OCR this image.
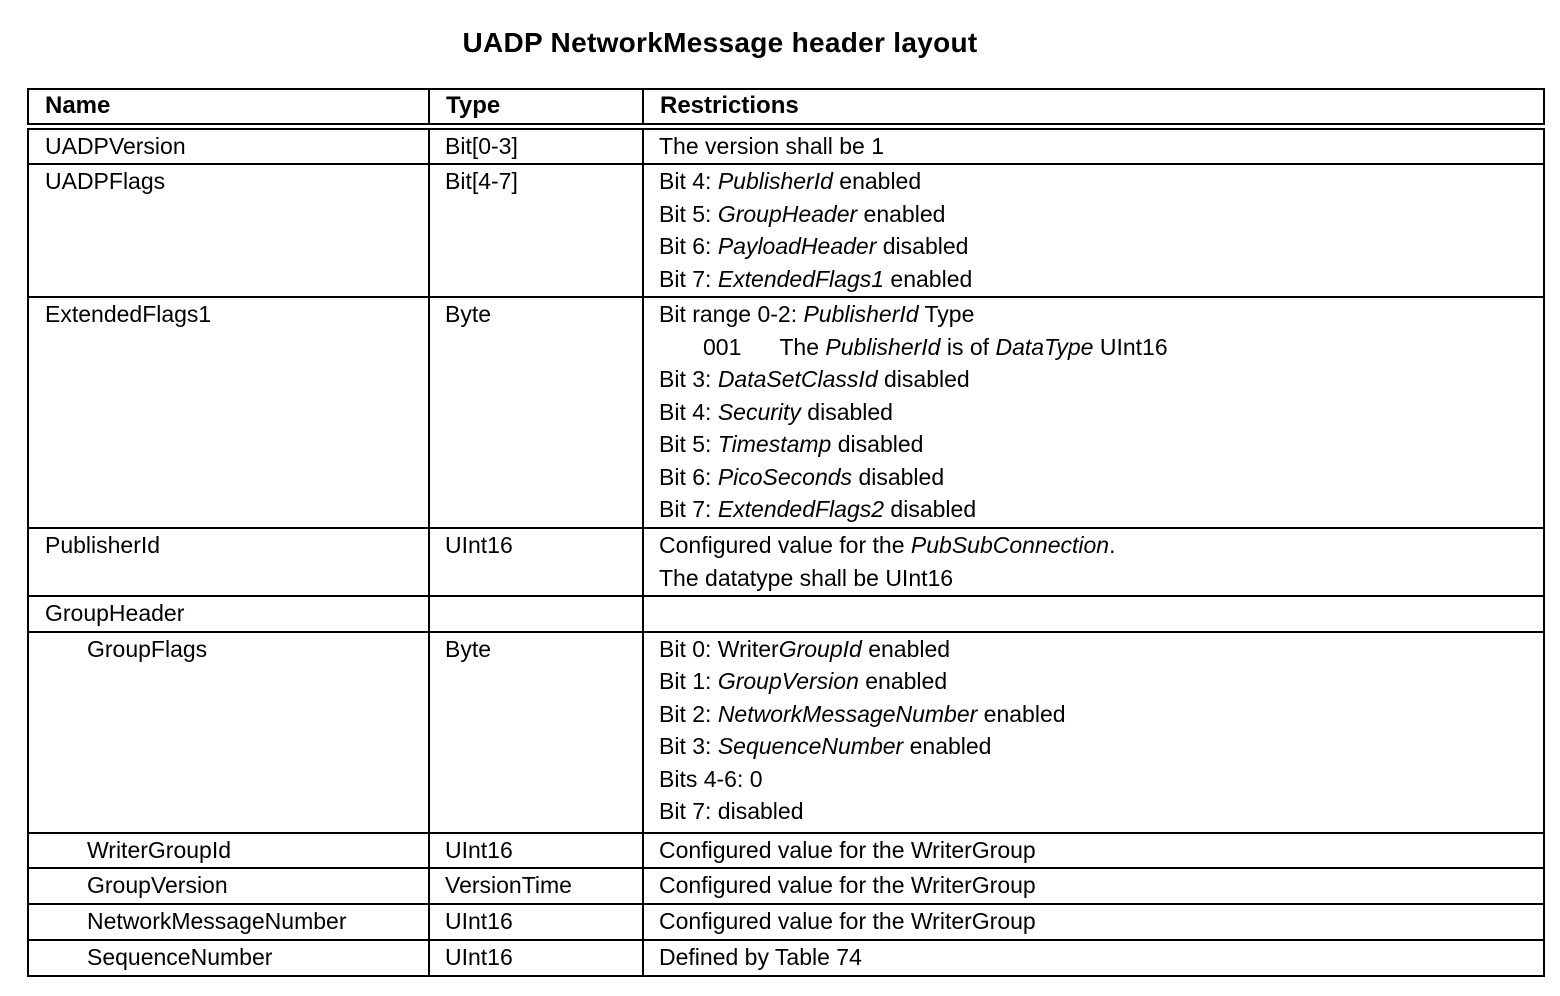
UADP NetworkMessage header layout
Name	Type	Restrictions
UADPVersion	Bit[0-3]	The version shall be 1

UADPFlags	Bit[4-7]	Bit 4: PublisherId enabled
Bit 5: GroupHeader enabled
Bit 6: PayloadHeader disabled
Bit 7: ExtendedFlags1 enabled

ExtendedFlags1	Byte	Bit range 0-2: PublisherId Type
001 The PublisherId is of DataType UInt16
Bit 3: DataSetClassId disabled
Bit 4: Security disabled
Bit 5: Timestamp disabled
Bit 6: PicoSeconds disabled
Bit 7: ExtendedFlags2 disabled

PublisherId	UInt16	Configured value for the PubSubConnection.
The datatype shall be UInt16

GroupHeader		
GroupFlags	Byte	Bit 0: WriterGroupId enabled
Bit 1: GroupVersion enabled
Bit 2: NetworkMessageNumber enabled
Bit 3: SequenceNumber enabled
Bits 4-6: 0
Bit 7: disabled

WriterGroupId	UInt16	Configured value for the WriterGroup

GroupVersion	VersionTime	Configured value for the WriterGroup

NetworkMessageNumber	UInt16	Configured value for the WriterGroup

SequenceNumber	UInt16	Defined by Table 74
